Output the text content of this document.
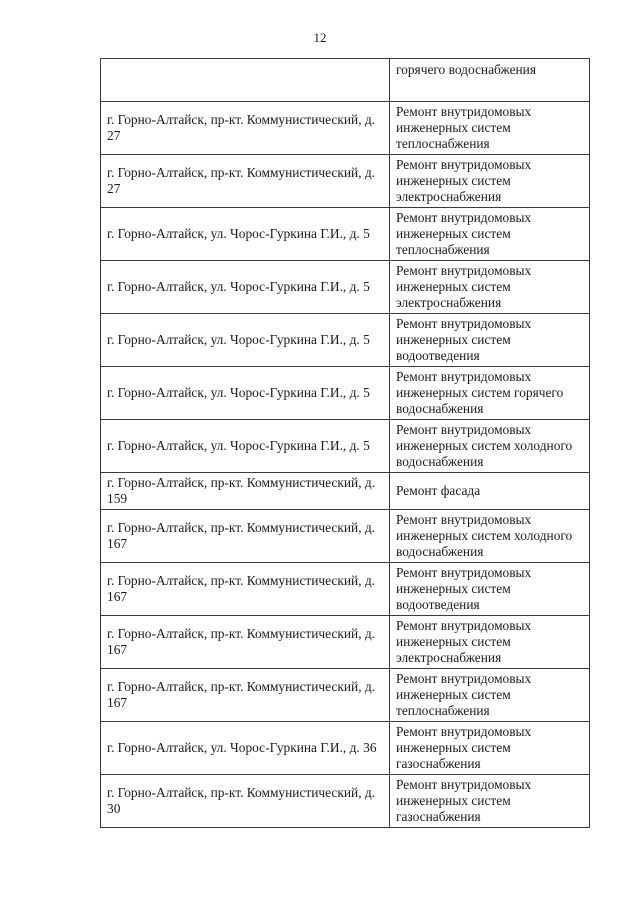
12

	горячего водоснабжения

г. Горно-Алтайск, пр-кт. Коммунистический, д. 27	Ремонт внутридомовых инженерных систем теплоснабжения

г. Горно-Алтайск, пр-кт. Коммунистический, д. 27	Ремонт внутридомовых инженерных систем электроснабжения

г. Горно-Алтайск, ул. Чорос-Гуркина Г.И., д. 5	Ремонт внутридомовых инженерных систем теплоснабжения

г. Горно-Алтайск, ул. Чорос-Гуркина Г.И., д. 5	Ремонт внутридомовых инженерных систем электроснабжения

г. Горно-Алтайск, ул. Чорос-Гуркина Г.И., д. 5	Ремонт внутридомовых инженерных систем водоотведения

г. Горно-Алтайск, ул. Чорос-Гуркина Г.И., д. 5	Ремонт внутридомовых инженерных систем горячего водоснабжения

г. Горно-Алтайск, ул. Чорос-Гуркина Г.И., д. 5	Ремонт внутридомовых инженерных систем холодного водоснабжения

г. Горно-Алтайск, пр-кт. Коммунистический, д. 159	Ремонт фасада

г. Горно-Алтайск, пр-кт. Коммунистический, д. 167	Ремонт внутридомовых инженерных систем холодного водоснабжения

г. Горно-Алтайск, пр-кт. Коммунистический, д. 167	Ремонт внутридомовых инженерных систем водоотведения

г. Горно-Алтайск, пр-кт. Коммунистический, д. 167	Ремонт внутридомовых инженерных систем электроснабжения

г. Горно-Алтайск, пр-кт. Коммунистический, д. 167	Ремонт внутридомовых инженерных систем теплоснабжения

г. Горно-Алтайск, ул. Чорос-Гуркина Г.И., д. 36	Ремонт внутридомовых инженерных систем газоснабжения

г. Горно-Алтайск, пр-кт. Коммунистический, д. 30	Ремонт внутридомовых инженерных систем газоснабжения
